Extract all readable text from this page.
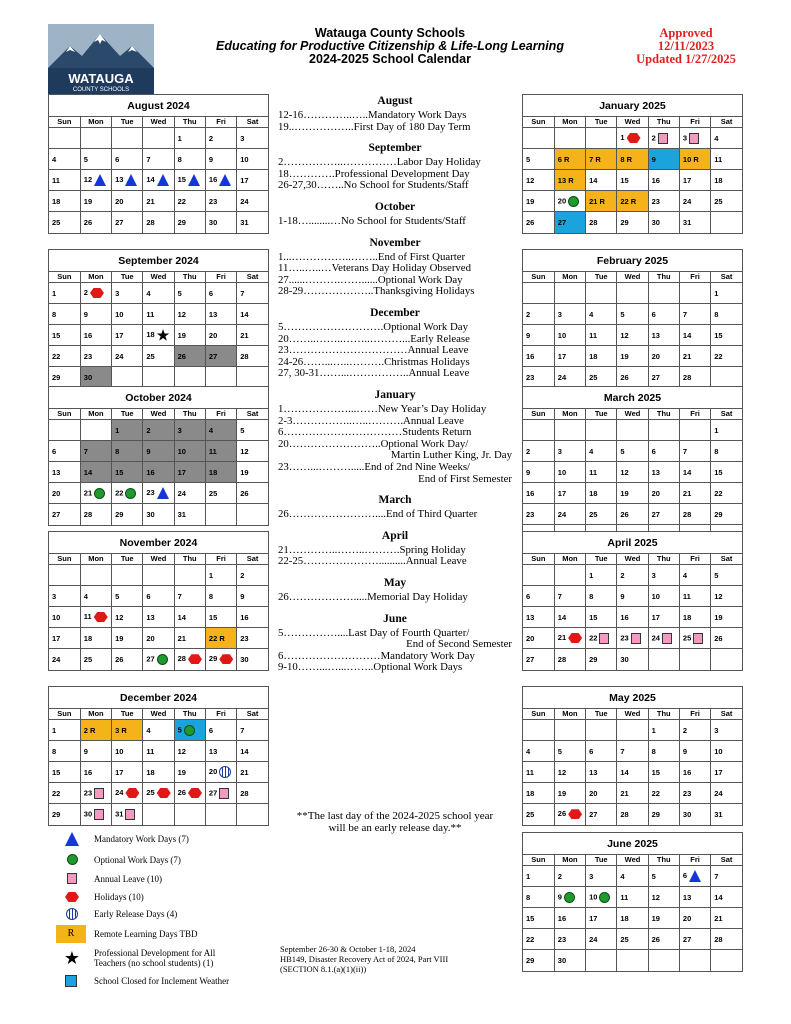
WATAUGA
COUNTY SCHOOLS
Watauga County Schools
Educating for Productive Citizenship & Life-Long Learning
2024-2025 School Calendar
Approved
12/11/2023
Updated 1/27/2025
August 2024
Sun	Mon	Tue	Wed	Thu	Fri	Sat
				1	2	3
4	5	6	7	8	9	10
11	12	13	14	15	16	17
18	19	20	21	22	23	24
25	26	27	28	29	30	31
September 2024
Sun	Mon	Tue	Wed	Thu	Fri	Sat
1	2	3	4	5	6	7
8	9	10	11	12	13	14
15	16	17	18 ★	19	20	21
22	23	24	25	26	27	28
29	30					
October 2024
Sun	Mon	Tue	Wed	Thu	Fri	Sat
		1	2	3	4	5
6	7	8	9	10	11	12
13	14	15	16	17	18	19
20	21	22	23	24	25	26
27	28	29	30	31		
November 2024
Sun	Mon	Tue	Wed	Thu	Fri	Sat
					1	2
3	4	5	6	7	8	9
10	11	12	13	14	15	16
17	18	19	20	21	22 R	23
24	25	26	27	28	29	30
December 2024
Sun	Mon	Tue	Wed	Thu	Fri	Sat
1	2 R	3 R	4	5	6	7
8	9	10	11	12	13	14
15	16	17	18	19	20	21
22	23	24	25	26	27	28
29	30	31				
January 2025
Sun	Mon	Tue	Wed	Thu	Fri	Sat
			1	2	3	4
5	6 R	7 R	8 R	9	10 R	11
12	13 R	14	15	16	17	18
19	20	21 R	22 R	23	24	25
26	27	28	29	30	31	
February 2025
Sun	Mon	Tue	Wed	Thu	Fri	Sat
						1
2	3	4	5	6	7	8
9	10	11	12	13	14	15
16	17	18	19	20	21	22
23	24	25	26	27	28	
March 2025
Sun	Mon	Tue	Wed	Thu	Fri	Sat
						1
2	3	4	5	6	7	8
9	10	11	12	13	14	15
16	17	18	19	20	21	22
23	24	25	26	27	28	29

April 2025
Sun	Mon	Tue	Wed	Thu	Fri	Sat
		1	2	3	4	5
6	7	8	9	10	11	12
13	14	15	16	17	18	19
20	21	22	23	24	25	26
27	28	29	30			
May 2025
Sun	Mon	Tue	Wed	Thu	Fri	Sat
				1	2	3
4	5	6	7	8	9	10
11	12	13	14	15	16	17
18	19	20	21	22	23	24
25	26	27	28	29	30	31
June 2025
Sun	Mon	Tue	Wed	Thu	Fri	Sat
1	2	3	4	5	6	7
8	9	10	11	12	13	14
15	16	17	18	19	20	21
22	23	24	25	26	27	28
29	30					
August
12-16…………..…..Mandatory Work Days
19..……………..First Day of 180 Day Term
September
2……………..……………Labor Day Holiday
18………….Professional Development Day
26-27,30……..No School for Students/Staff
October
1-18…........…No School for Students/Staff
November
1...……………..……..End of First Quarter
11…..…..…Veterans Day Holiday Observed
27......……….……......Optional Work Day
28-29………………..Thanksgiving Holidays
December
5……………………….Optional Work Day
20……..……..……..………...Early Release
23……………………………Annual Leave
24-26……...…..……….Christmas Holidays
27, 30-31……...……………..Annual Leave
January
1………………...……New Year’s Day Holiday
2-3……………..…..……….Annual Leave
6……………………………Students Return
20……………………..Optional Work Day/
Martin Luther King, Jr. Day
23……...……….....End of 2nd Nine Weeks/
End of First Semester
March
26……………………....End of Third Quarter
April
21…………..……..……….Spring Holiday
22-25…………………..........Annual Leave
May
26……………….....Memorial Day Holiday
June
5……………....Last Day of Fourth Quarter/
End of Second Semester
6………………………Mandatory Work Day
9-10……...…...……..Optional Work Days
**The last day of the 2024-2025 school year
will be an early release day.**
September 26-30 & October 1-18, 2024
HB149, Disaster Recovery Act of 2024, Part VIII
(SECTION 8.1.(a)(1)(ii))
Mandatory Work Days (7)
Optional Work Days (7)
Annual Leave (10)
Holidays (10)
Early Release Days (4)
R	Remote Learning Days TBD
★ Professional Development for All Teachers (no school students) (1)
School Closed for Inclement Weather
